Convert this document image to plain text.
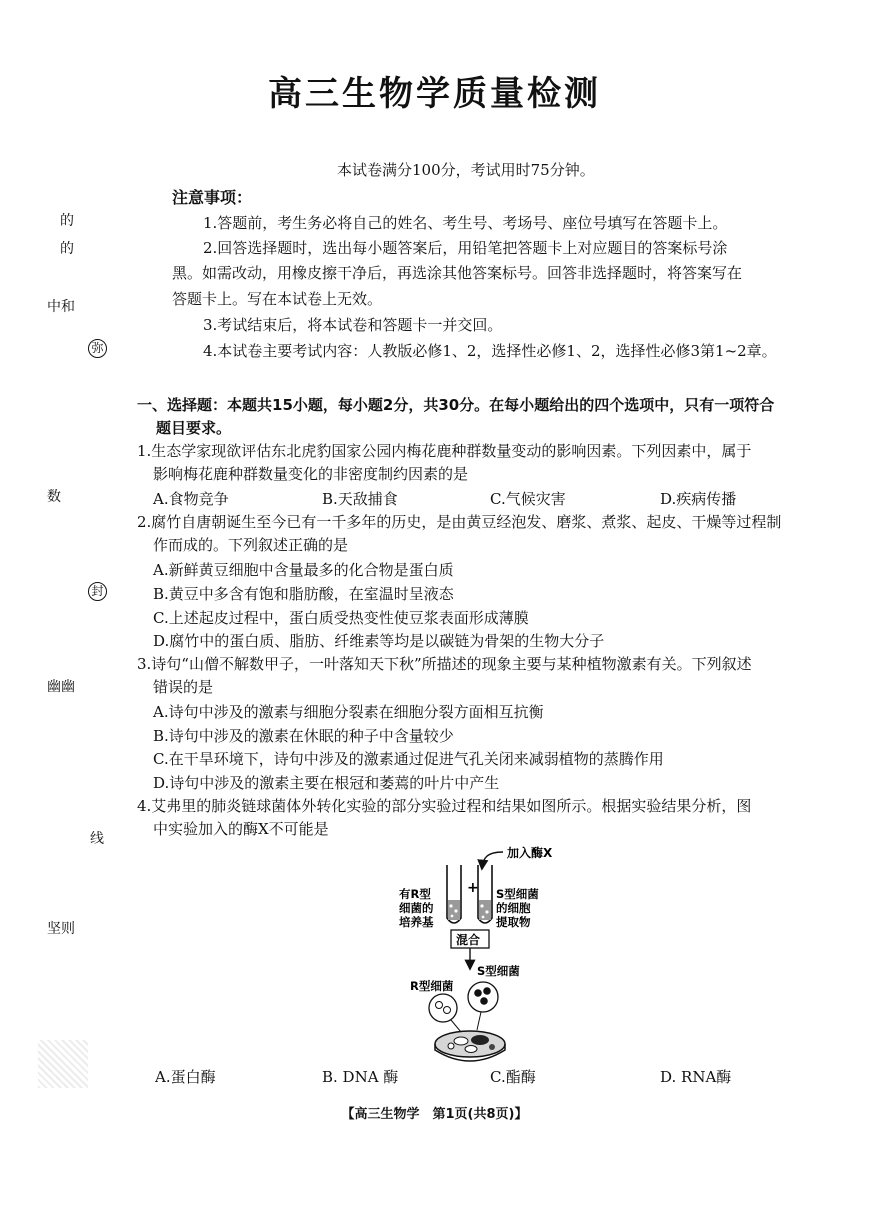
高三生物学质量检测
本试卷满分100分，考试用时75分钟。
注意事项：
1.答题前，考生务必将自己的姓名、考生号、考场号、座位号填写在答题卡上。
2.回答选择题时，选出每小题答案后，用铅笔把答题卡上对应题目的答案标号涂
黑。如需改动，用橡皮擦干净后，再选涂其他答案标号。回答非选择题时，将答案写在
答题卡上。写在本试卷上无效。
3.考试结束后，将本试卷和答题卡一并交回。
4.本试卷主要考试内容：人教版必修1、2，选择性必修1、2，选择性必修3第1~2章。
的
的
中和
弥
数
封
幽幽
线
坚则
一、选择题：本题共15小题，每小题2分，共30分。在每小题给出的四个选项中，只有一项符合
题目要求。
1.生态学家现欲评估东北虎豹国家公园内梅花鹿种群数量变动的影响因素。下列因素中，属于
影响梅花鹿种群数量变化的非密度制约因素的是
A.食物竞争	B.天敌捕食	C.气候灾害	D.疾病传播
2.腐竹自唐朝诞生至今已有一千多年的历史，是由黄豆经泡发、磨浆、煮浆、起皮、干燥等过程制
作而成的。下列叙述正确的是
A.新鲜黄豆细胞中含量最多的化合物是蛋白质
B.黄豆中多含有饱和脂肪酸，在室温时呈液态
C.上述起皮过程中，蛋白质受热变性使豆浆表面形成薄膜
D.腐竹中的蛋白质、脂肪、纤维素等均是以碳链为骨架的生物大分子
3.诗句“山僧不解数甲子，一叶落知天下秋”所描述的现象主要与某种植物激素有关。下列叙述
错误的是
A.诗句中涉及的激素与细胞分裂素在细胞分裂方面相互抗衡
B.诗句中涉及的激素在休眠的种子中含量较少
C.在干旱环境下，诗句中涉及的激素通过促进气孔关闭来减弱植物的蒸腾作用
D.诗句中涉及的激素主要在根冠和萎蔫的叶片中产生
4.艾弗里的肺炎链球菌体外转化实验的部分实验过程和结果如图所示。根据实验结果分析，图
中实验加入的酶X不可能是
加入酶X
+
有R型
细菌的
培养基
S型细菌
的细胞
提取物
混合
S型细菌
R型细菌
A.蛋白酶	B. DNA 酶	C.酯酶	D. RNA酶
【高三生物学　第1页(共8页)】
